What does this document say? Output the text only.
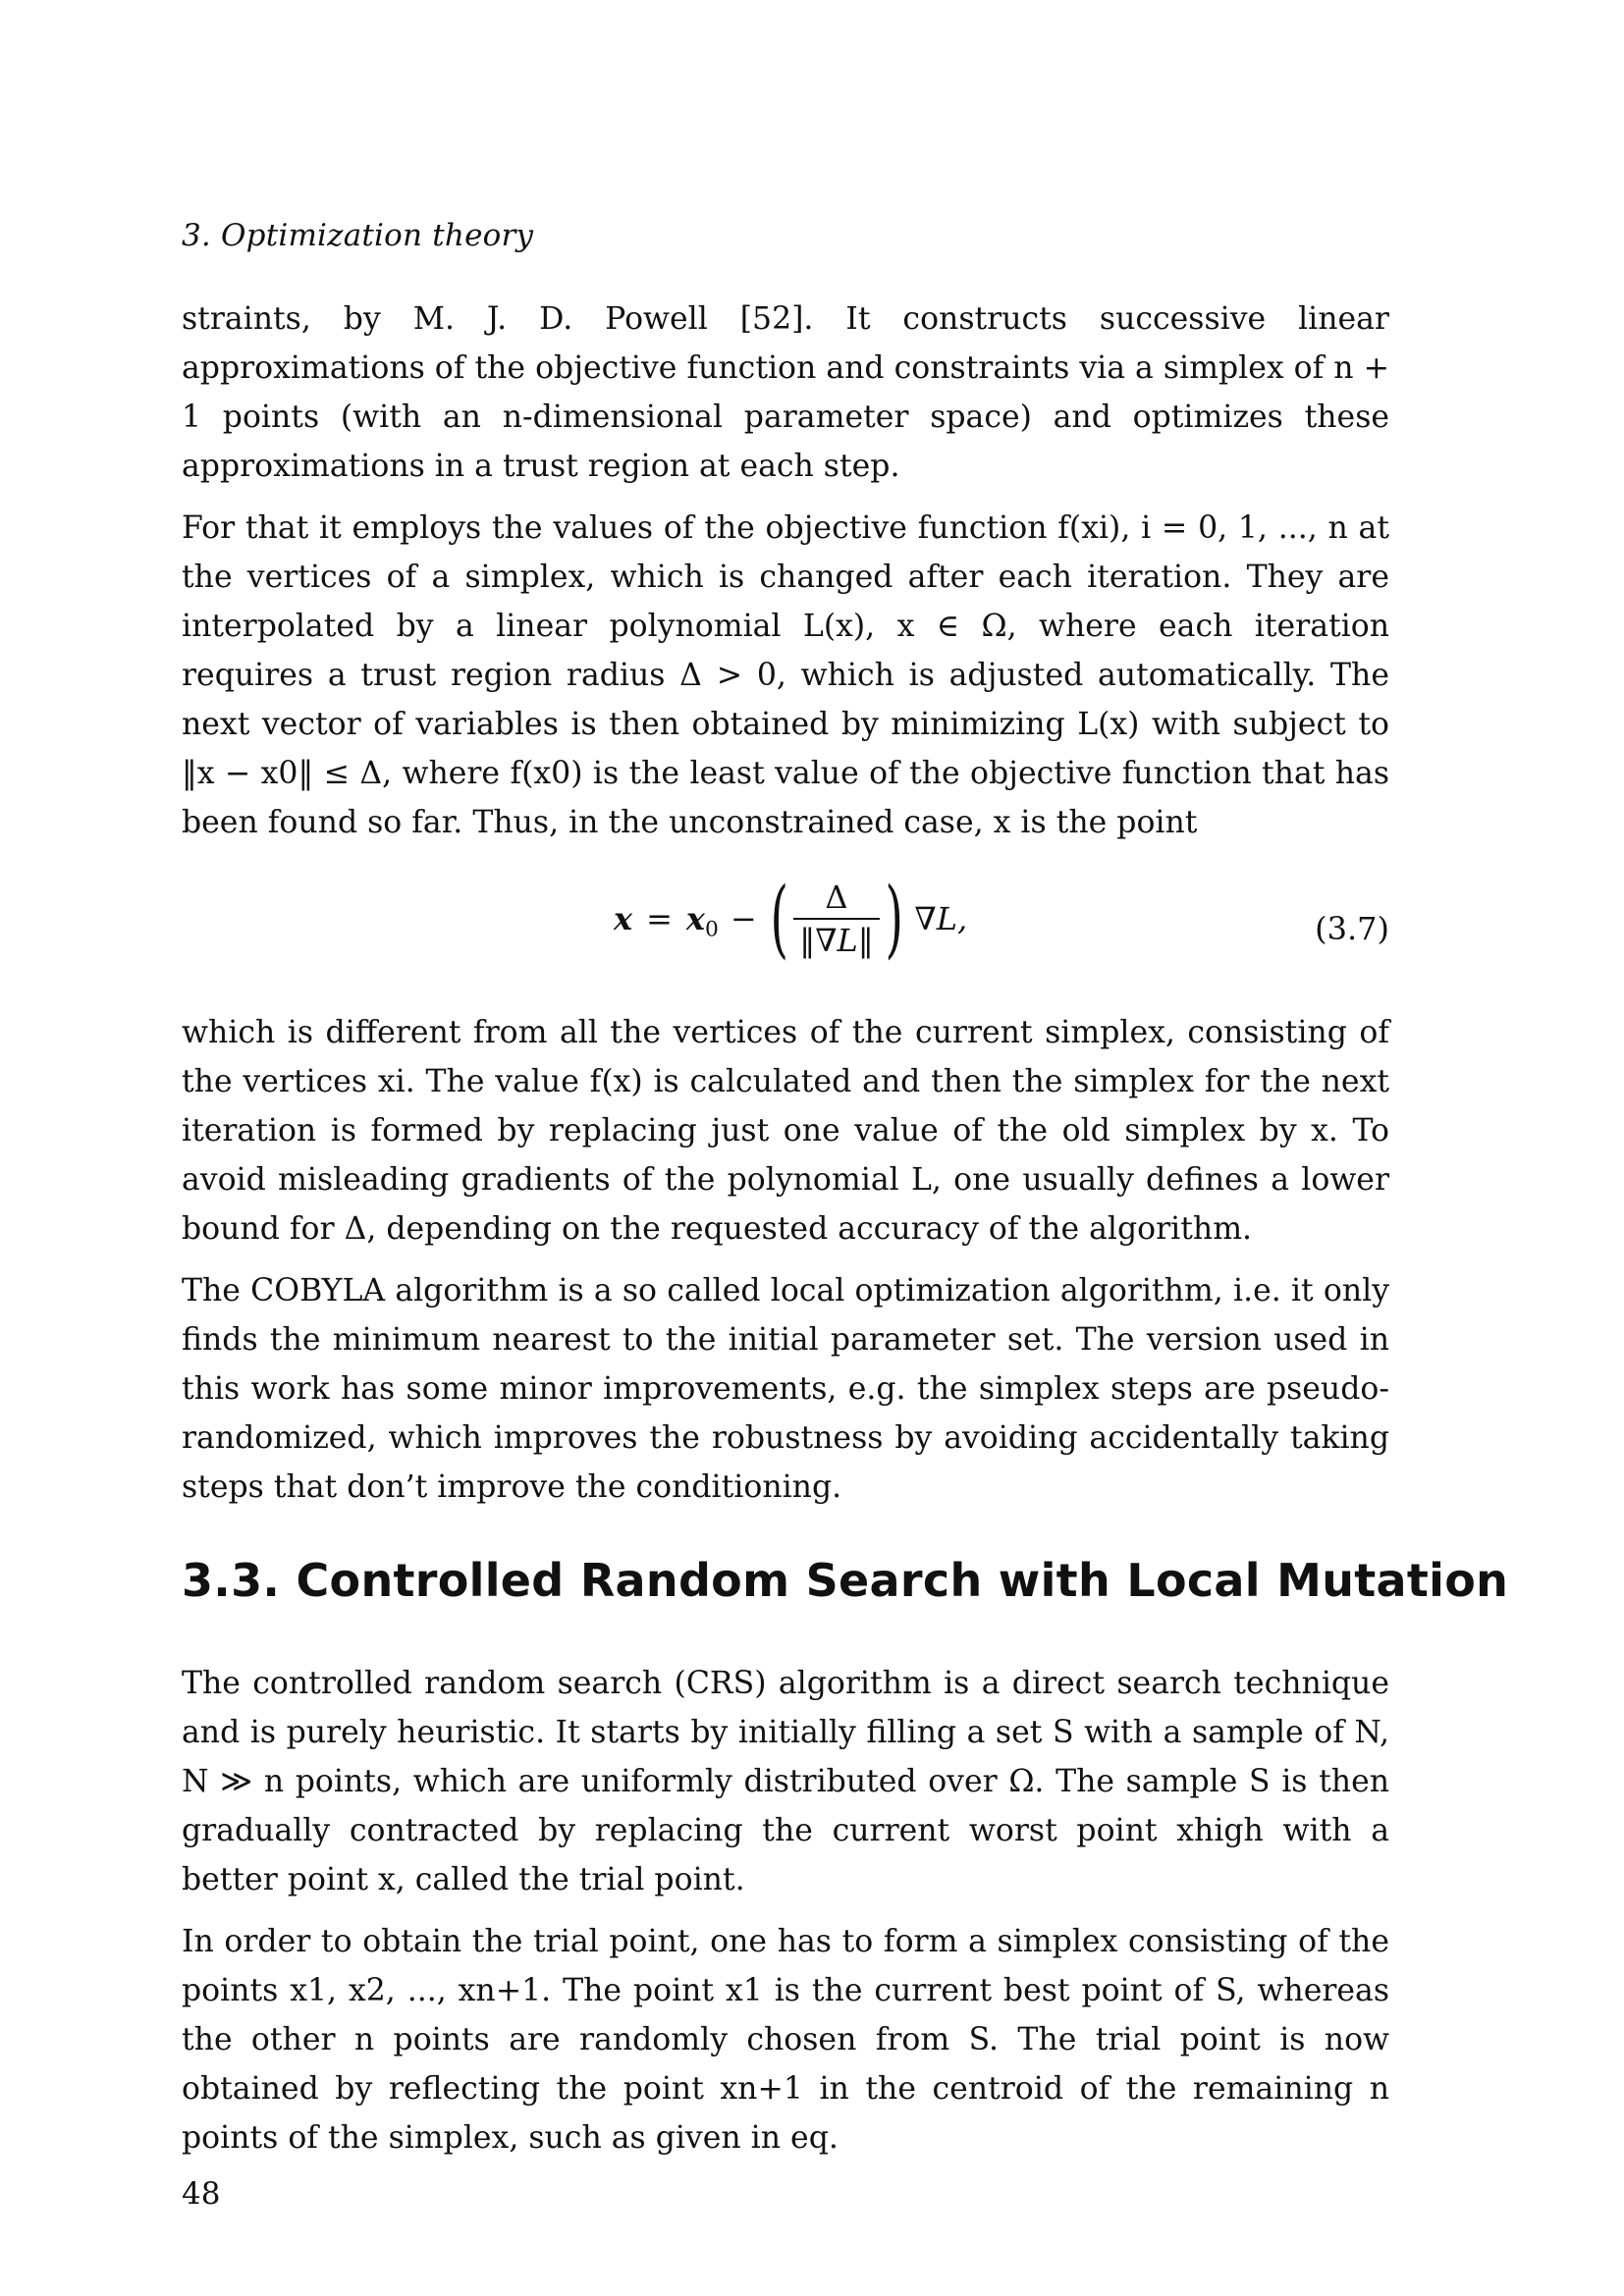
3. Optimization theory

straints, by M. J. D. Powell [52]. It constructs successive linear approximations of the objective function and constraints via a simplex of n + 1 points (with an n-dimensional parameter space) and optimizes these approximations in a trust region at each step.

For that it employs the values of the objective function f(xi), i = 0, 1, ..., n at the vertices of a simplex, which is changed after each iteration. They are interpolated by a linear polynomial L(x), x ∈ Ω, where each iteration requires a trust region radius Δ > 0, which is adjusted automatically. The next vector of variables is then obtained by minimizing L(x) with subject to ‖x − x0‖ ≤ Δ, where f(x0) is the least value of the objective function that has been found so far. Thus, in the unconstrained case, x is the point

$x = x_0$ − ( $\frac{\Delta}{‖\nabla L‖}$ ) ∇L,	(3.7)

which is different from all the vertices of the current simplex, consisting of the vertices xi. The value f(x) is calculated and then the simplex for the next iteration is formed by replacing just one value of the old simplex by x. To avoid misleading gradients of the polynomial L, one usually defines a lower bound for Δ, depending on the requested accuracy of the algorithm.

The COBYLA algorithm is a so called local optimization algorithm, i.e. it only finds the minimum nearest to the initial parameter set. The version used in this work has some minor improvements, e.g. the simplex steps are pseudo-randomized, which improves the robustness by avoiding accidentally taking steps that don’t improve the conditioning.

3.3. Controlled Random Search with Local Mutation

The controlled random search (CRS) algorithm is a direct search technique and is purely heuristic. It starts by initially filling a set S with a sample of N, N ≫ n points, which are uniformly distributed over Ω. The sample S is then gradually contracted by replacing the current worst point xhigh with a better point x, called the trial point.

In order to obtain the trial point, one has to form a simplex consisting of the points x1, x2, ..., xn+1. The point x1 is the current best point of S, whereas the other n points are randomly chosen from S. The trial point is now obtained by reflecting the point xn+1 in the centroid of the remaining n points of the simplex, such as given in eq.

48
